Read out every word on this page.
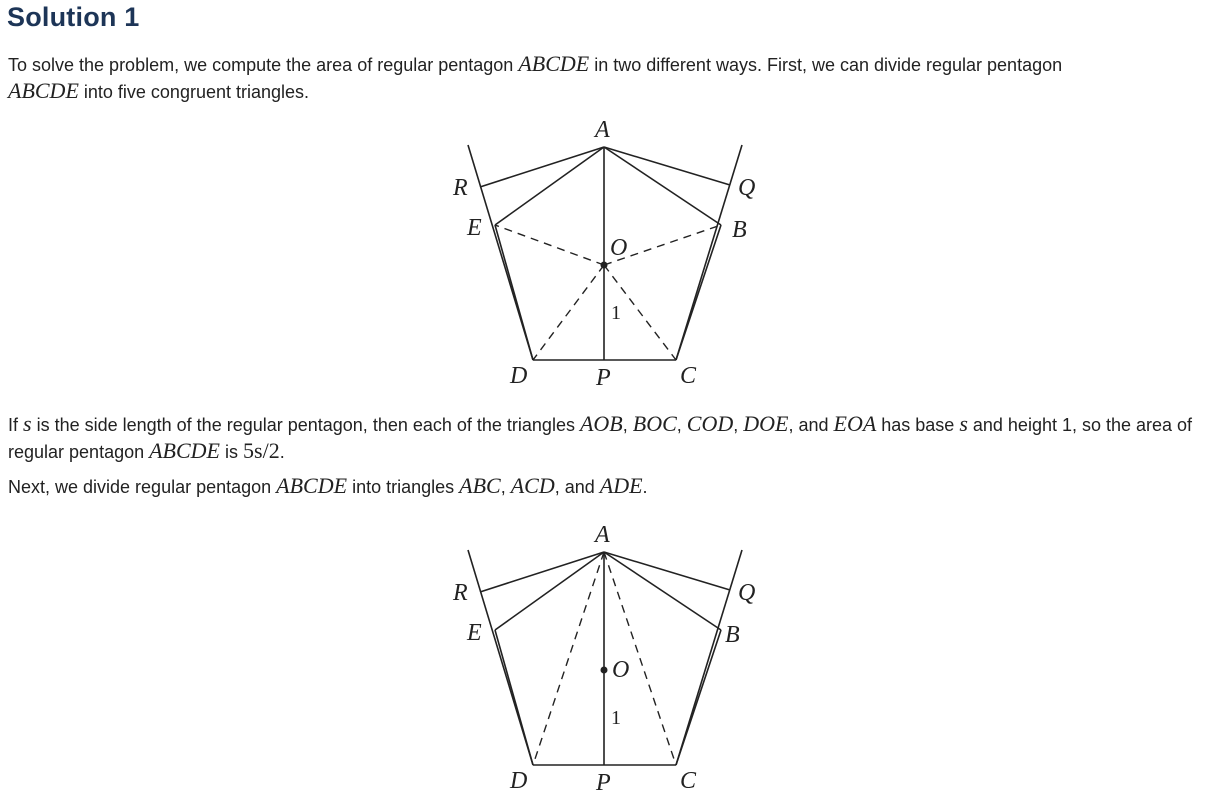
Solution 1

To solve the problem, we compute the area of regular pentagon ABCDE in two different ways. First, we can divide regular pentagon
ABCDE into five congruent triangles.

A
B
C
D
E
O
P
Q
R
1

If s is the side length of the regular pentagon, then each of the triangles AOB, BOC, COD, DOE, and EOA has base s and height 1, so the area of regular pentagon ABCDE is 5s/2.

Next, we divide regular pentagon ABCDE into triangles ABC, ACD, and ADE.

A
B
C
D
E
O
P
Q
R
1
